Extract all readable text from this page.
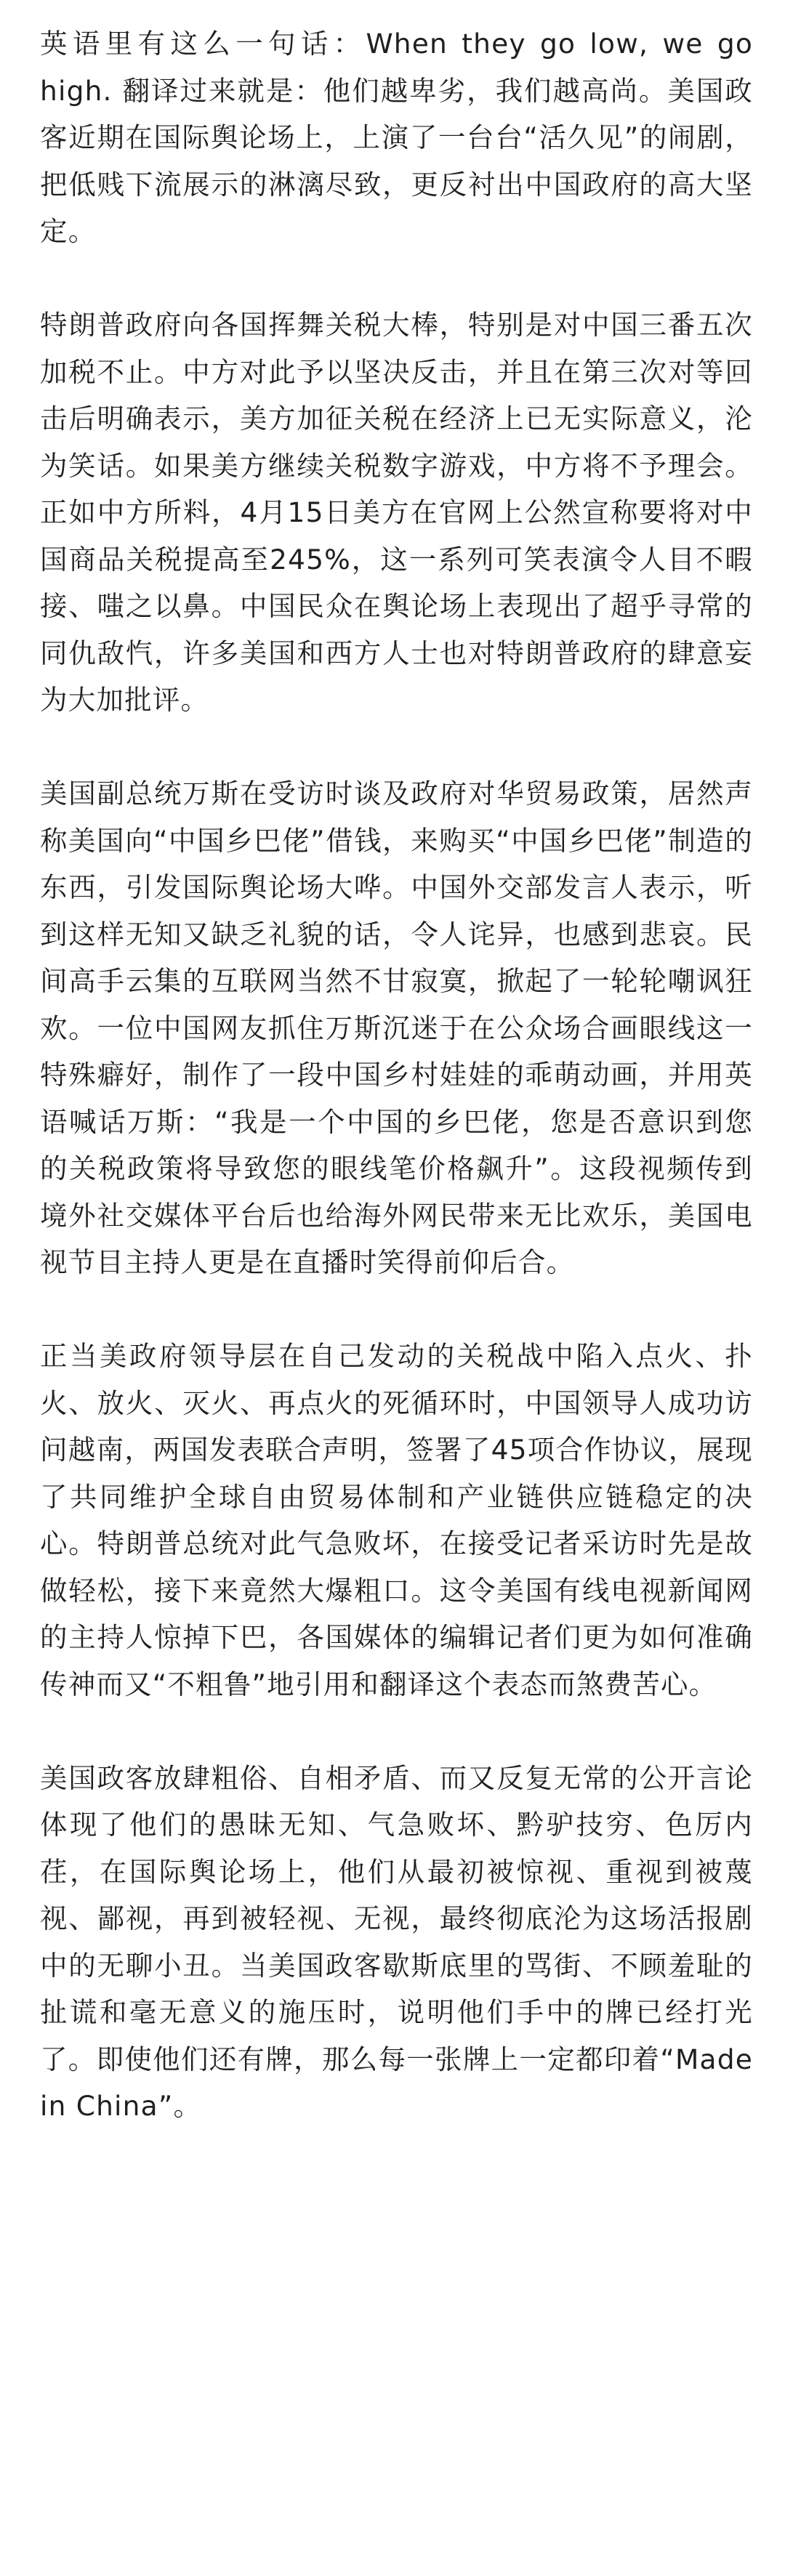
英语里有这么一句话：When they go low, we go high. 翻译过来就是：他们越卑劣，我们越高尚。美国政客近期在国际舆论场上，上演了一台台“活久见”的闹剧，把低贱下流展示的淋漓尽致，更反衬出中国政府的高大坚定。

特朗普政府向各国挥舞关税大棒，特别是对中国三番五次加税不止。中方对此予以坚决反击，并且在第三次对等回击后明确表示，美方加征关税在经济上已无实际意义，沦为笑话。如果美方继续关税数字游戏，中方将不予理会。正如中方所料，4月15日美方在官网上公然宣称要将对中国商品关税提高至245%，这一系列可笑表演令人目不暇接、嗤之以鼻。中国民众在舆论场上表现出了超乎寻常的同仇敌忾，许多美国和西方人士也对特朗普政府的肆意妄为大加批评。

美国副总统万斯在受访时谈及政府对华贸易政策，居然声称美国向“中国乡巴佬”借钱，来购买“中国乡巴佬”制造的东西，引发国际舆论场大哗。中国外交部发言人表示，听到这样无知又缺乏礼貌的话，令人诧异，也感到悲哀。民间高手云集的互联网当然不甘寂寞，掀起了一轮轮嘲讽狂欢。一位中国网友抓住万斯沉迷于在公众场合画眼线这一特殊癖好，制作了一段中国乡村娃娃的乖萌动画，并用英语喊话万斯：“我是一个中国的乡巴佬，您是否意识到您的关税政策将导致您的眼线笔价格飙升”。这段视频传到境外社交媒体平台后也给海外网民带来无比欢乐，美国电视节目主持人更是在直播时笑得前仰后合。

正当美政府领导层在自己发动的关税战中陷入点火、扑火、放火、灭火、再点火的死循环时，中国领导人成功访问越南，两国发表联合声明，签署了45项合作协议，展现了共同维护全球自由贸易体制和产业链供应链稳定的决心。特朗普总统对此气急败坏，在接受记者采访时先是故做轻松，接下来竟然大爆粗口。这令美国有线电视新闻网的主持人惊掉下巴，各国媒体的编辑记者们更为如何准确传神而又“不粗鲁”地引用和翻译这个表态而煞费苦心。

美国政客放肆粗俗、自相矛盾、而又反复无常的公开言论体现了他们的愚昧无知、气急败坏、黔驴技穷、色厉内荏，在国际舆论场上，他们从最初被惊视、重视到被蔑视、鄙视，再到被轻视、无视，最终彻底沦为这场活报剧中的无聊小丑。当美国政客歇斯底里的骂街、不顾羞耻的扯谎和毫无意义的施压时，说明他们手中的牌已经打光了。即使他们还有牌，那么每一张牌上一定都印着“Made in China”。
